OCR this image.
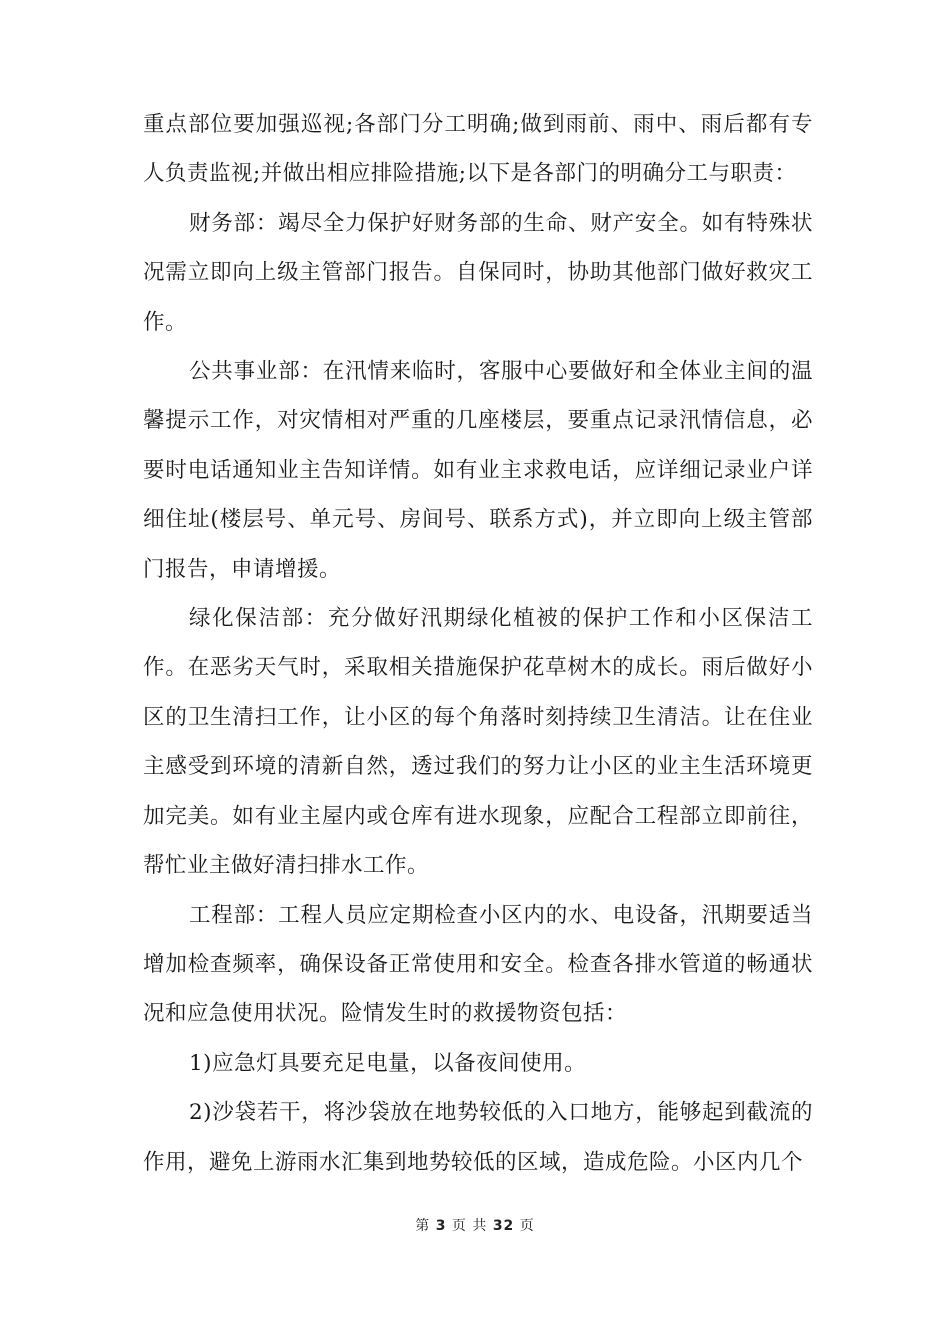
重点部位要加强巡视;各部门分工明确;做到雨前、雨中、雨后都有专人负责监视;并做出相应排险措施;以下是各部门的明确分工与职责：

财务部：竭尽全力保护好财务部的生命、财产安全。如有特殊状况需立即向上级主管部门报告。自保同时，协助其他部门做好救灾工作。

公共事业部：在汛情来临时，客服中心要做好和全体业主间的温馨提示工作，对灾情相对严重的几座楼层，要重点记录汛情信息，必要时电话通知业主告知详情。如有业主求救电话，应详细记录业户详细住址(楼层号、单元号、房间号、联系方式)，并立即向上级主管部门报告，申请增援。

绿化保洁部：充分做好汛期绿化植被的保护工作和小区保洁工作。在恶劣天气时，采取相关措施保护花草树木的成长。雨后做好小区的卫生清扫工作，让小区的每个角落时刻持续卫生清洁。让在住业主感受到环境的清新自然，透过我们的努力让小区的业主生活环境更加完美。如有业主屋内或仓库有进水现象，应配合工程部立即前往，帮忙业主做好清扫排水工作。

工程部：工程人员应定期检查小区内的水、电设备，汛期要适当增加检查频率，确保设备正常使用和安全。检查各排水管道的畅通状况和应急使用状况。险情发生时的救援物资包括：

1)应急灯具要充足电量，以备夜间使用。

2)沙袋若干，将沙袋放在地势较低的入口地方，能够起到截流的作用，避免上游雨水汇集到地势较低的区域，造成危险。小区内几个

第 3 页 共 32 页
